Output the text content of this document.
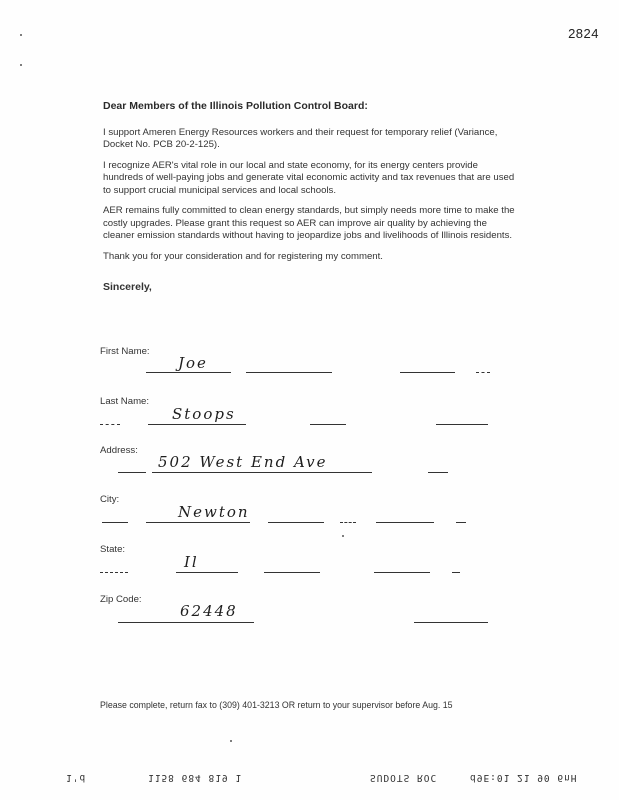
2824

Dear Members of the Illinois Pollution Control Board:

I support Ameren Energy Resources workers and their request for temporary relief (Variance, Docket No. PCB 20-2-125).

I recognize AER's vital role in our local and state economy, for its energy centers provide hundreds of well-paying jobs and generate vital economic activity and tax revenues that are used to support crucial municipal services and local schools.

AER remains fully committed to clean energy standards, but simply needs more time to make the costly upgrades. Please grant this request so AER can improve air quality by achieving the cleaner emission standards without having to jeopardize jobs and livelihoods of Illinois residents.

Thank you for your consideration and for registering my comment.

Sincerely,

First Name:
Joe
Last Name:
Stoops
Address:
502 West End Ave
City:
Newton
State:
Il
Zip Code:
62448
Please complete, return fax to (309) 401-3213 OR return to your supervisor before Aug. 15
1'd	1158 684 819 1	SUDOTS ROC	d9E:01 21 90 6nH
